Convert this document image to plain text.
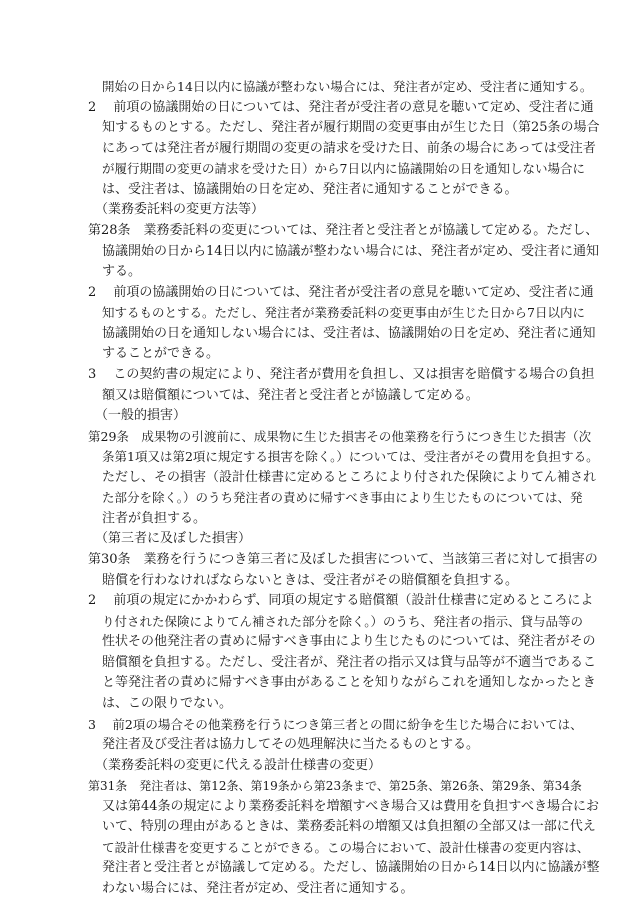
開始の日から14日以内に協議が整わない場合には、発注者が定め、受注者に通知する。
2　 前項の協議開始の日については、発注者が受注者の意見を聴いて定め、受注者に通
知するものとする。ただし、発注者が履行期間の変更事由が生じた日（第25条の場合
にあっては発注者が履行期間の変更の請求を受けた日、前条の場合にあっては受注者
が履行期間の変更の請求を受けた日）から7日以内に協議開始の日を通知しない場合に
は、受注者は、協議開始の日を定め、発注者に通知することができる。
（業務委託料の変更方法等）
第28条　業務委託料の変更については、発注者と受注者とが協議して定める。ただし、
協議開始の日から14日以内に協議が整わない場合には、発注者が定め、受注者に通知
する。
2　 前項の協議開始の日については、発注者が受注者の意見を聴いて定め、受注者に通
知するものとする。ただし、発注者が業務委託料の変更事由が生じた日から7日以内に
協議開始の日を通知しない場合には、受注者は、協議開始の日を定め、発注者に通知
することができる。
3　 この契約書の規定により、発注者が費用を負担し、又は損害を賠償する場合の負担
額又は賠償額については、発注者と受注者とが協議して定める。
（一般的損害）
第29条　成果物の引渡前に、成果物に生じた損害その他業務を行うにつき生じた損害（次
条第1項又は第2項に規定する損害を除く。）については、受注者がその費用を負担する。
ただし、その損害（設計仕様書に定めるところにより付された保険によりてん補され
た部分を除く。）のうち発注者の責めに帰すべき事由により生じたものについては、発
注者が負担する。
（第三者に及ぼした損害）
第30条　業務を行うにつき第三者に及ぼした損害について、当該第三者に対して損害の
賠償を行わなければならないときは、受注者がその賠償額を負担する。
2　 前項の規定にかかわらず、同項の規定する賠償額（設計仕様書に定めるところによ
り付された保険によりてん補された部分を除く。）のうち、発注者の指示、貸与品等の
性状その他発注者の責めに帰すべき事由により生じたものについては、発注者がその
賠償額を負担する。ただし、受注者が、発注者の指示又は貸与品等が不適当であるこ
と等発注者の責めに帰すべき事由があることを知りながらこれを通知しなかったとき
は、この限りでない。
3　 前2項の場合その他業務を行うにつき第三者との間に紛争を生じた場合においては、
発注者及び受注者は協力してその処理解決に当たるものとする。
（業務委託料の変更に代える設計仕様書の変更）
第31条　発注者は、第12条、第19条から第23条まで、第25条、第26条、第29条、第34条
又は第44条の規定により業務委託料を増額すべき場合又は費用を負担すべき場合にお
いて、特別の理由があるときは、業務委託料の増額又は負担額の全部又は一部に代え
て設計仕様書を変更することができる。この場合において、設計仕様書の変更内容は、
発注者と受注者とが協議して定める。ただし、協議開始の日から14日以内に協議が整
わない場合には、発注者が定め、受注者に通知する。
